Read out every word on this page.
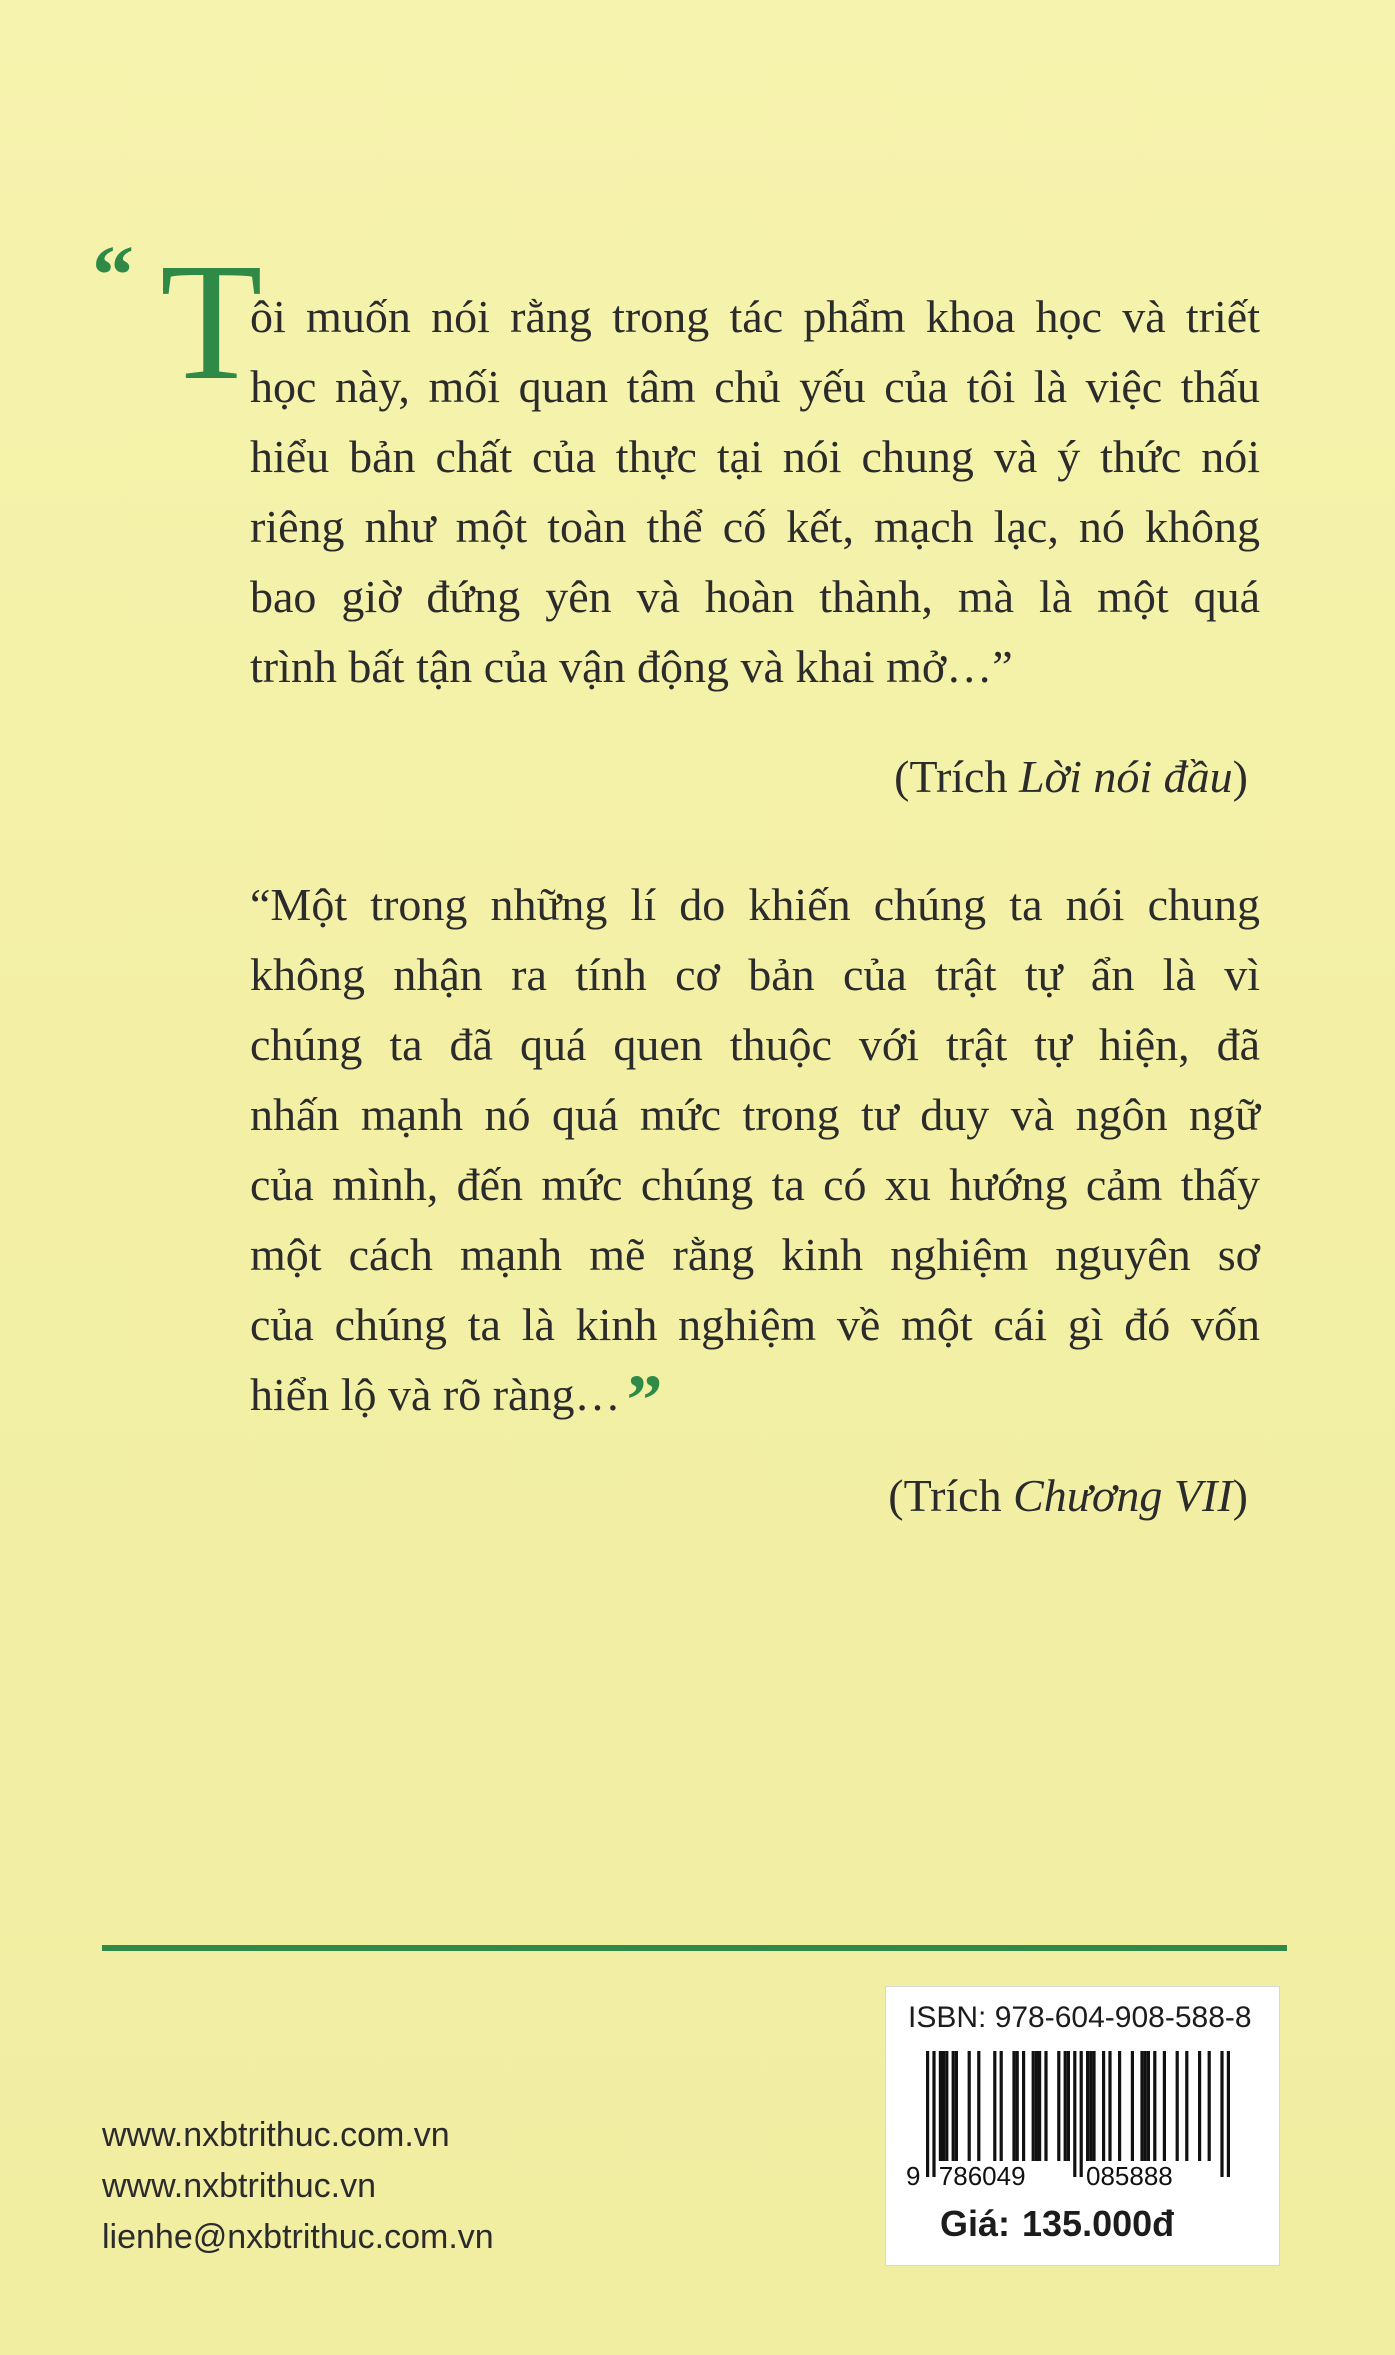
“ T
ôi muốn nói rằng trong tác phẩm khoa học và triết
học này, mối quan tâm chủ yếu của tôi là việc thấu
hiểu bản chất của thực tại nói chung và ý thức nói
riêng như một toàn thể cố kết, mạch lạc, nó không
bao giờ đứng yên và hoàn thành, mà là một quá
trình bất tận của vận động và khai mở…”
(Trích Lời nói đầu)
“Một trong những lí do khiến chúng ta nói chung
không nhận ra tính cơ bản của trật tự ẩn là vì
chúng ta đã quá quen thuộc với trật tự hiện, đã
nhấn mạnh nó quá mức trong tư duy và ngôn ngữ
của mình, đến mức chúng ta có xu hướng cảm thấy
một cách mạnh mẽ rằng kinh nghiệm nguyên sơ
của chúng ta là kinh nghiệm về một cái gì đó vốn
hiển lộ và rõ ràng…”
(Trích Chương VII)
www.nxbtrithuc.com.vn
www.nxbtrithuc.vn
lienhe@nxbtrithuc.com.vn
ISBN: 978-604-908-588-8
9 786049 085888
Giá: 135.000đ
